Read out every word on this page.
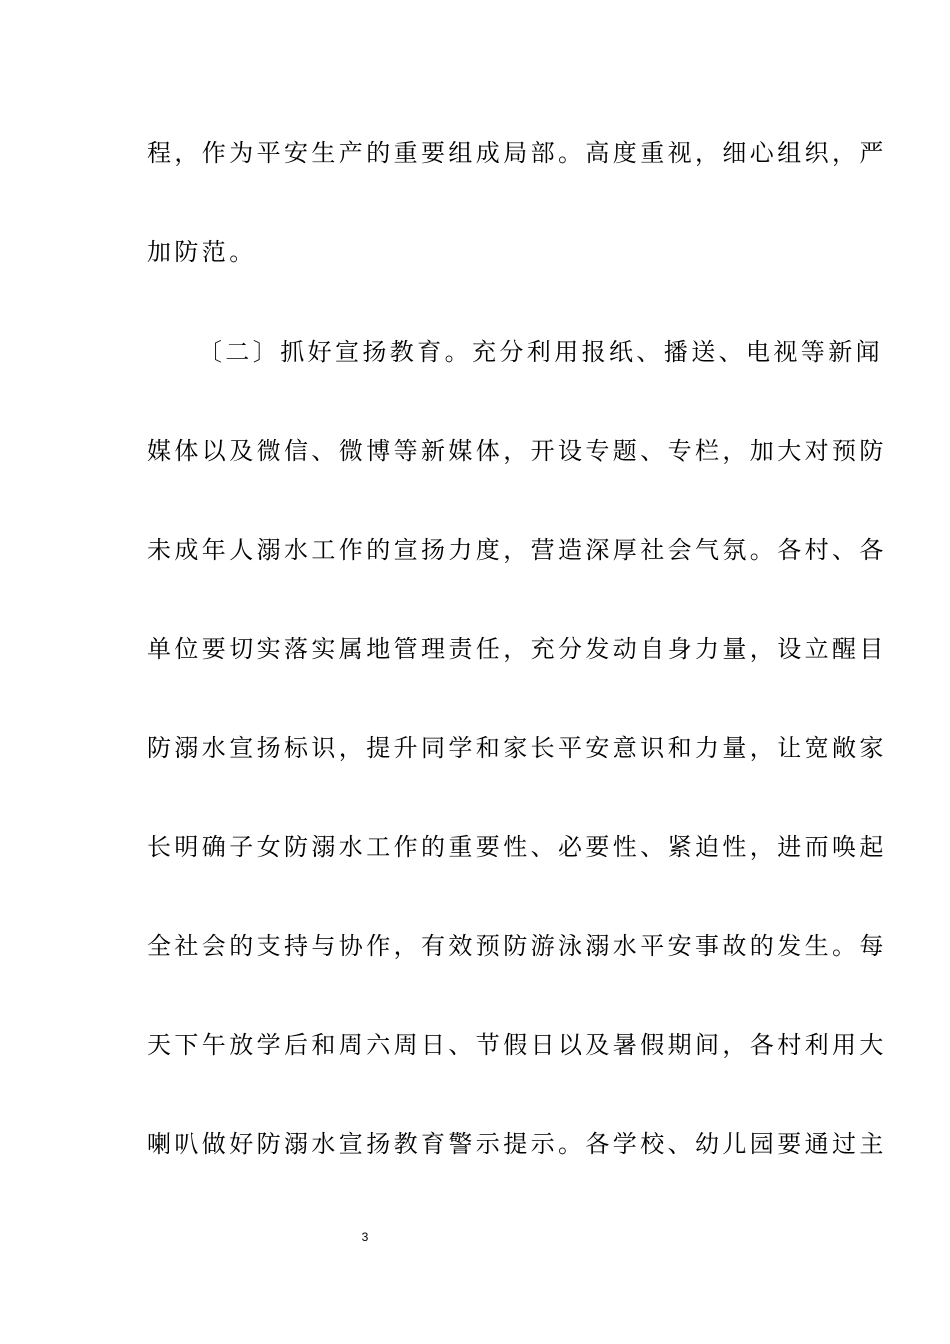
程，作为平安生产的重要组成局部。高度重视，细心组织，严
加防范。
〔二〕抓好宣扬教育。充分利用报纸、播送、电视等新闻
媒体以及微信、微博等新媒体，开设专题、专栏，加大对预防
未成年人溺水工作的宣扬力度，营造深厚社会气氛。各村、各
单位要切实落实属地管理责任，充分发动自身力量，设立醒目
防溺水宣扬标识，提升同学和家长平安意识和力量，让宽敞家
长明确子女防溺水工作的重要性、必要性、紧迫性，进而唤起
全社会的支持与协作，有效预防游泳溺水平安事故的发生。每
天下午放学后和周六周日、节假日以及暑假期间，各村利用大
喇叭做好防溺水宣扬教育警示提示。各学校、幼儿园要通过主
3
